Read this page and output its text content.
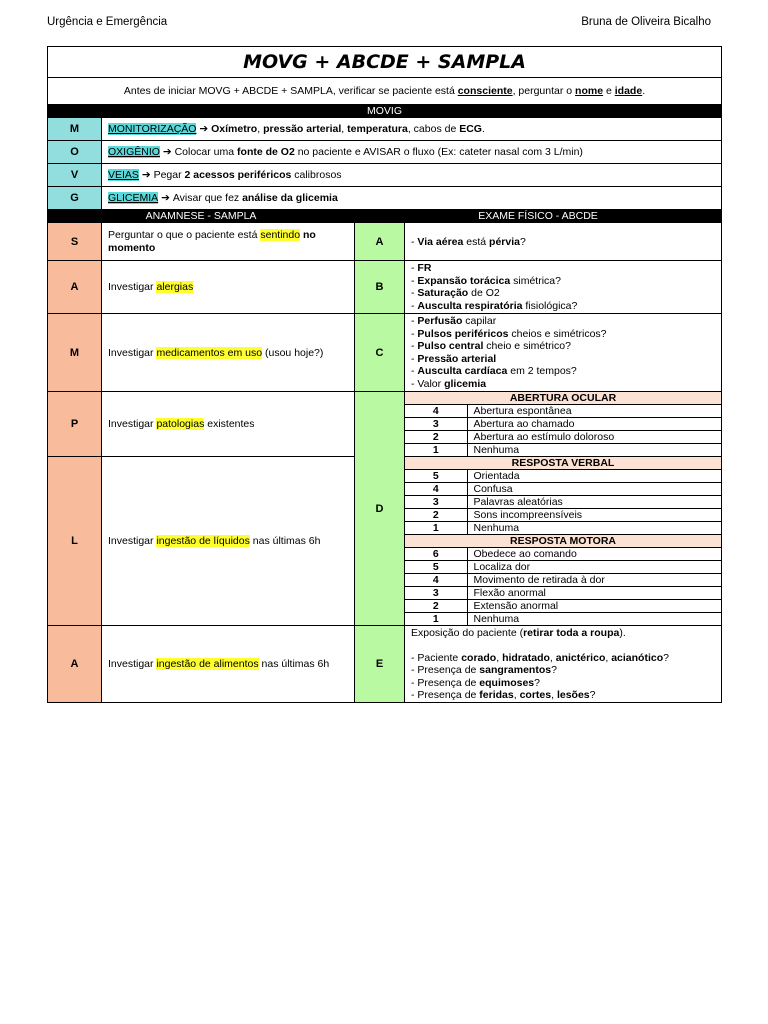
Urgência e Emergência	Bruna de Oliveira Bicalho
MOVG + ABCDE + SAMPLA
Antes de iniciar MOVG + ABCDE + SAMPLA, verificar se paciente está consciente, perguntar o nome e idade.
MOVIG
M	MONITORIZAÇÃO ➔ Oxímetro, pressão arterial, temperatura, cabos de ECG.
O	OXIGÊNIO ➔ Colocar uma fonte de O2 no paciente e AVISAR o fluxo (Ex: cateter nasal com 3 L/min)
V	VEIAS ➔ Pegar 2 acessos periféricos calibrosos
G	GLICEMIA ➔ Avisar que fez análise da glicemia
ANAMNESE - SAMPLA	EXAME FÍSICO - ABCDE
S	Perguntar o que o paciente está sentindo no
momento	A	- Via aérea está pérvia?
A	Investigar alergias	B	
- FR
- Expansão torácica simétrica?
- Saturação de O2
- Ausculta respiratória fisiológica?

M	Investigar medicamentos em uso (usou hoje?)	C	
- Perfusão capilar
- Pulsos periféricos cheios e simétricos?
- Pulso central cheio e simétrico?
- Pressão arterial
- Ausculta cardíaca em 2 tempos?
- Valor glicemia

P	Investigar patologias existentes	D	
ABERTURA OCULAR
4	Abertura espontânea
3	Abertura ao chamado
2	Abertura ao estímulo doloroso
1	Nenhuma
RESPOSTA VERBAL
5	Orientada
4	Confusa
3	Palavras aleatórias
2	Sons incompreensíveis
1	Nenhuma
RESPOSTA MOTORA
6	Obedece ao comando
5	Localiza dor
4	Movimento de retirada à dor
3	Flexão anormal
2	Extensão anormal
1	Nenhuma

L	Investigar ingestão de líquidos nas últimas 6h
A	Investigar ingestão de alimentos nas últimas 6h	E	
Exposição do paciente (retirar toda a roupa).
- Paciente corado, hidratado, anictérico, acianótico?
- Presença de sangramentos?
- Presença de equimoses?
- Presença de feridas, cortes, lesões?
